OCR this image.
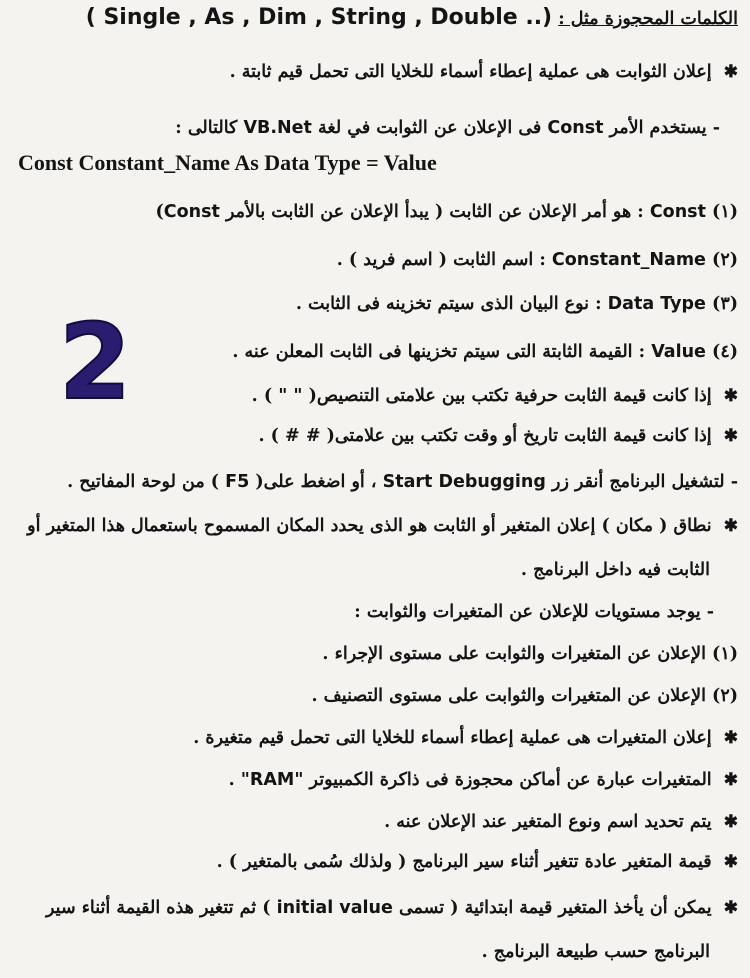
الكلمات المحجوزة مثل : (.. Single , As , Dim , String , Double )
✱ إعلان الثوابت هى عملية إعطاء أسماء للخلايا التى تحمل قيم ثابتة .
- يستخدم الأمر Const فى الإعلان عن الثوابت في لغة VB.Net كالتالى :
Const Constant_Name As Data Type = Value
(١) Const : هو أمر الإعلان عن الثابت ( يبدأ الإعلان عن الثابت بالأمر Const)
(٢) Constant_Name : اسم الثابت ( اسم فريد ) .
(٣) Data Type : نوع البيان الذى سيتم تخزينه فى الثابت .
(٤) Value : القيمة الثابتة التى سيتم تخزينها فى الثابت المعلن عنه .
✱ إذا كانت قيمة الثابت حرفية تكتب بين علامتى التنصيص( " " ) .
✱ إذا كانت قيمة الثابت تاريخ أو وقت تكتب بين علامتى( # # ) .
- لتشغيل البرنامج أنقر زر Start Debugging ، أو اضغط على( F5 ) من لوحة المفاتيح .
✱ نطاق ( مكان ) إعلان المتغير أو الثابت هو الذى يحدد المكان المسموح باستعمال هذا المتغير أو
الثابت فيه داخل البرنامج .
- يوجد مستويات للإعلان عن المتغيرات والثوابت :
(١) الإعلان عن المتغيرات والثوابت على مستوى الإجراء .
(٢) الإعلان عن المتغيرات والثوابت على مستوى التصنيف .
✱ إعلان المتغيرات هى عملية إعطاء أسماء للخلايا التى تحمل قيم متغيرة .
✱ المتغيرات عبارة عن أماكن محجوزة فى ذاكرة الكمبيوتر "RAM" .
✱ يتم تحديد اسم ونوع المتغير عند الإعلان عنه .
✱ قيمة المتغير عادة تتغير أثناء سير البرنامج ( ولذلك سُمى بالمتغير ) .
✱ يمكن أن يأخذ المتغير قيمة ابتدائية ( تسمى initial value ) ثم تتغير هذه القيمة أثناء سير
البرنامج حسب طبيعة البرنامج .
2
